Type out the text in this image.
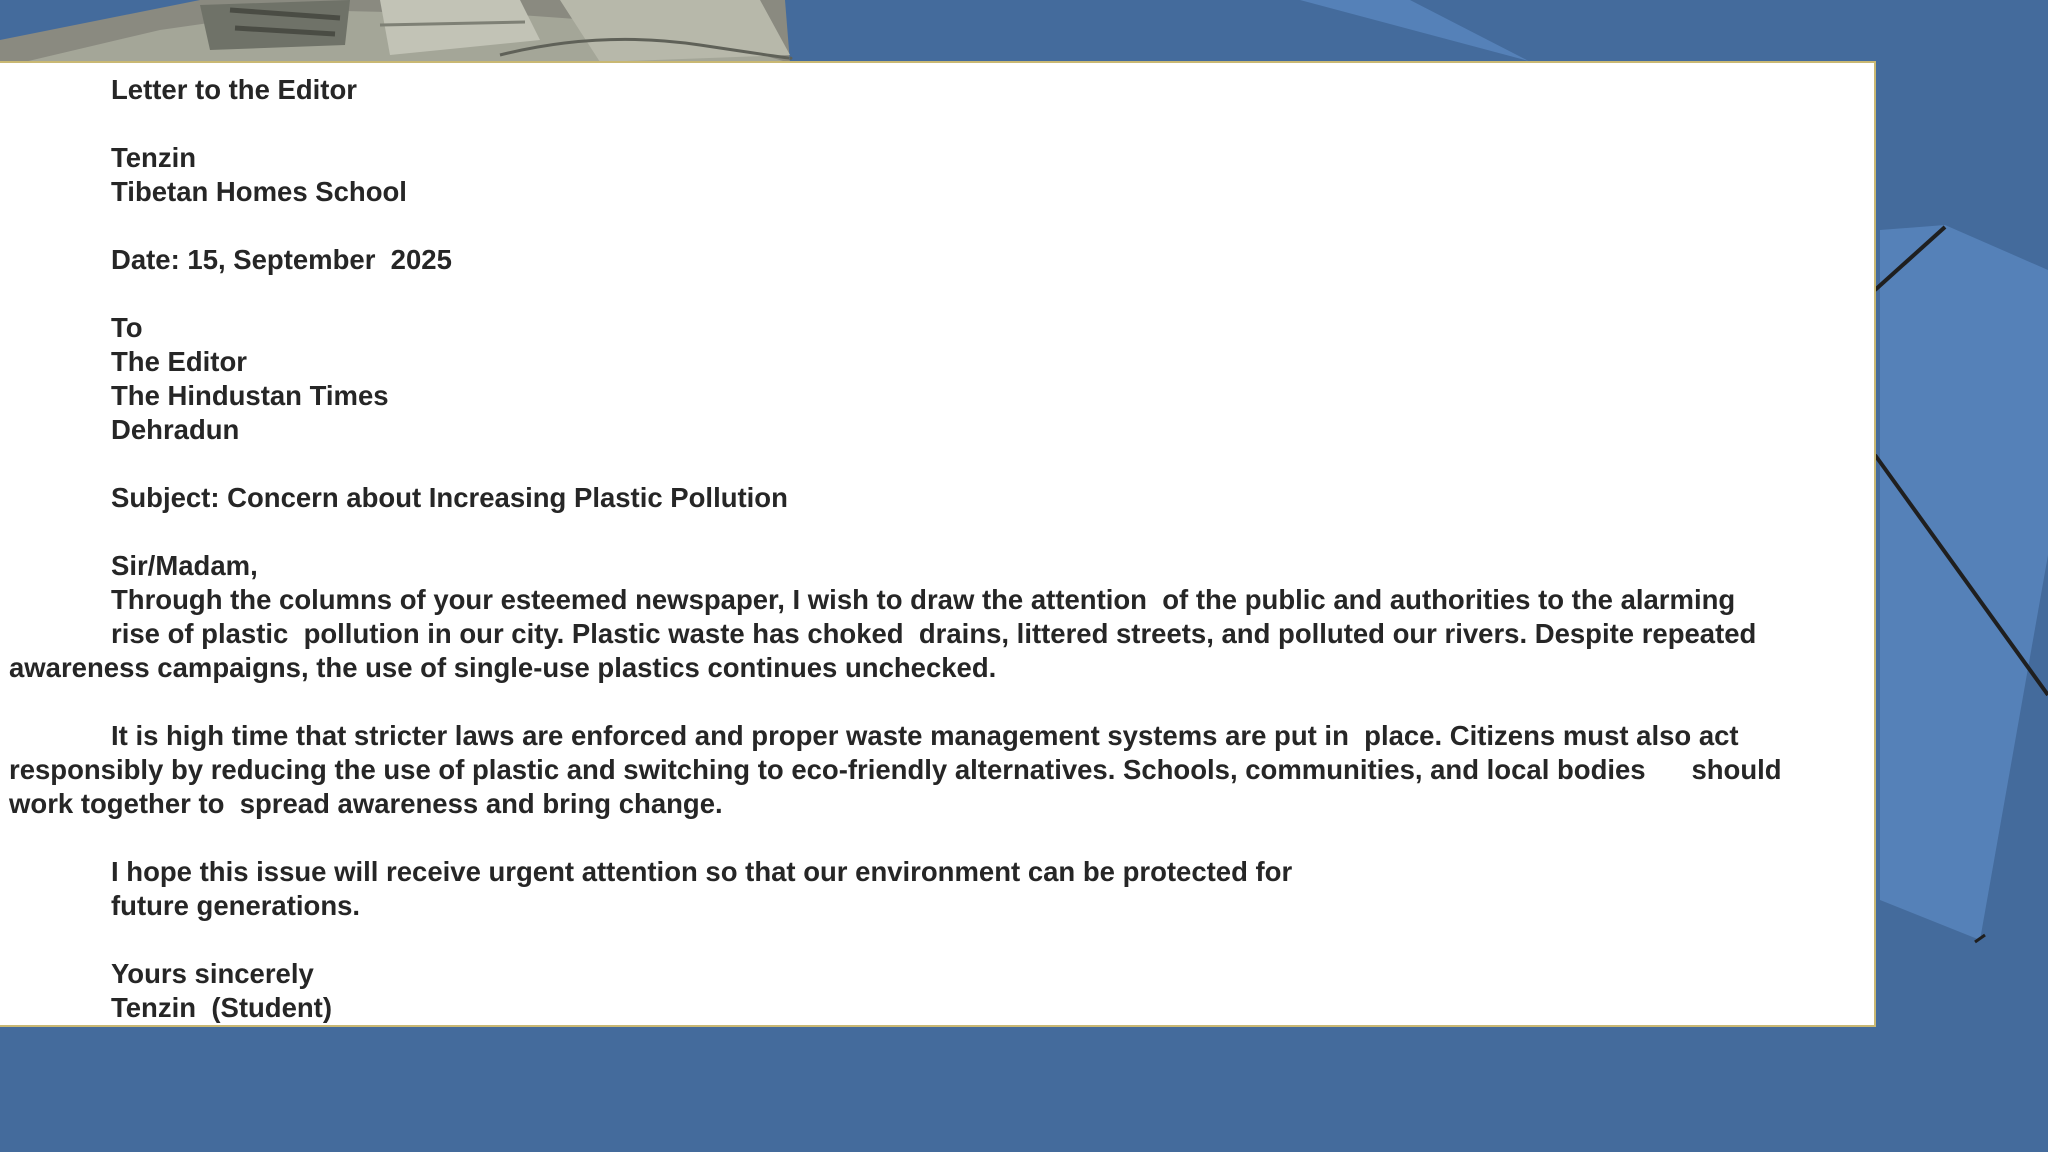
Letter to the Editor

Tenzin

Tibetan Homes School

Date: 15, September  2025

To

The Editor

The Hindustan Times

Dehradun

Subject: Concern about Increasing Plastic Pollution

Sir/Madam,

Through the columns of your esteemed newspaper, I wish to draw the attention  of the public and authorities to the alarming

rise of plastic  pollution in our city. Plastic waste has choked  drains, littered streets, and polluted our rivers. Despite repeated

awareness campaigns, the use of single-use plastics continues unchecked.

It is high time that stricter laws are enforced and proper waste management systems are put in  place. Citizens must also act

responsibly by reducing the use of plastic and switching to eco-friendly alternatives. Schools, communities, and local bodies      should

work together to  spread awareness and bring change.

I hope this issue will receive urgent attention so that our environment can be protected for

future generations.

Yours sincerely

Tenzin  (Student)
